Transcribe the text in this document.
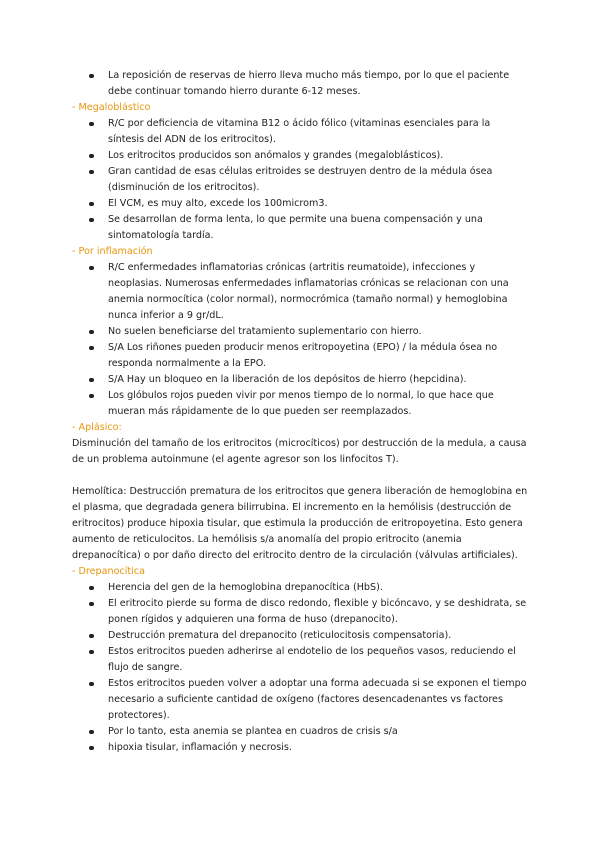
La reposición de reservas de hierro lleva mucho más tiempo, por lo que el paciente debe continuar tomando hierro durante 6-12 meses.
- Megaloblástico
R/C por deficiencia de vitamina B12 o ácido fólico (vitaminas esenciales para la síntesis del ADN de los eritrocitos).
Los eritrocitos producidos son anómalos y grandes (megaloblásticos).
Gran cantidad de esas células eritroides se destruyen dentro de la médula ósea (disminución de los eritrocitos).
El VCM, es muy alto, excede los 100microm3.
Se desarrollan de forma lenta, lo que permite una buena compensación y una sintomatología tardía.
- Por inflamación
R/C enfermedades inflamatorias crónicas (artritis reumatoide), infecciones y neoplasias. Numerosas enfermedades inflamatorias crónicas se relacionan con una anemia normocítica (color normal), normocrómica (tamaño normal) y hemoglobina nunca inferior a 9 gr/dL.
No suelen beneficiarse del tratamiento suplementario con hierro.
S/A Los riñones pueden producir menos eritropoyetina (EPO) / la médula ósea no responda normalmente a la EPO.
S/A Hay un bloqueo en la liberación de los depósitos de hierro (hepcidina).
Los glóbulos rojos pueden vivir por menos tiempo de lo normal, lo que hace que mueran más rápidamente de lo que pueden ser reemplazados.
- Aplásico:

Disminución del tamaño de los eritrocitos (microcíticos) por destrucción de la medula, a causa de un problema autoinmune (el agente agresor son los linfocitos T).

Hemolítica: Destrucción prematura de los eritrocitos que genera liberación de hemoglobina en el plasma, que degradada genera bilirrubina. El incremento en la hemólisis (destrucción de eritrocitos) produce hipoxia tisular, que estimula la producción de eritropoyetina. Esto genera aumento de reticulocitos. La hemólisis s/a anomalía del propio eritrocito (anemia drepanocítica) o por daño directo del eritrocito dentro de la circulación (válvulas artificiales).

- Drepanocítica
Herencia del gen de la hemoglobina drepanocítica (HbS).
El eritrocito pierde su forma de disco redondo, flexible y bicóncavo, y se deshidrata, se ponen rígidos y adquieren una forma de huso (drepanocito).
Destrucción prematura del drepanocito (reticulocitosis compensatoria).
Estos eritrocitos pueden adherirse al endotelio de los pequeños vasos, reduciendo el flujo de sangre.
Estos eritrocitos pueden volver a adoptar una forma adecuada si se exponen el tiempo necesario a suficiente cantidad de oxígeno (factores desencadenantes vs factores protectores).
Por lo tanto, esta anemia se plantea en cuadros de crisis s/a
hipoxia tisular, inflamación y necrosis.
